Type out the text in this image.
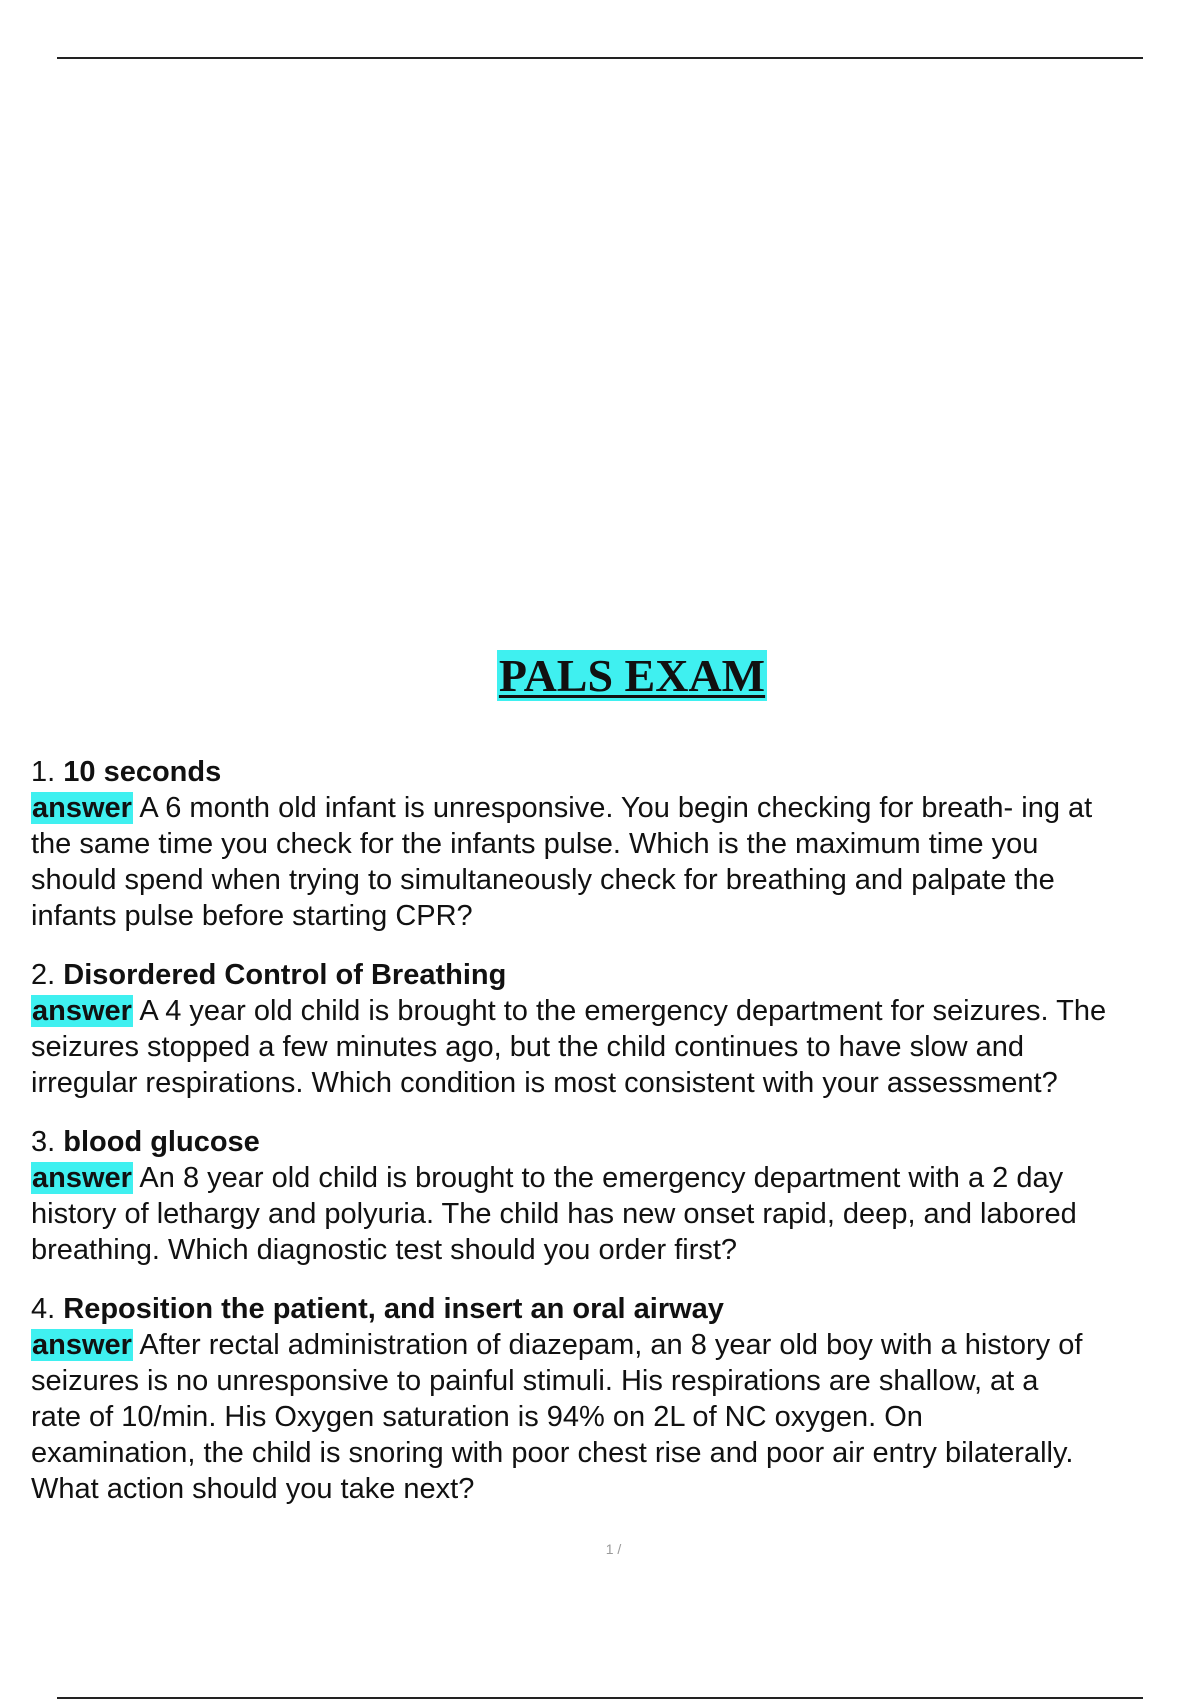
PALS EXAM
1. 10 seconds
answer A 6 month old infant is unresponsive. You begin checking for breath- ing at
the same time you check for the infants pulse. Which is the maximum time you
should spend when trying to simultaneously check for breathing and palpate the
infants pulse before starting CPR?
2. Disordered Control of Breathing
answer A 4 year old child is brought to the emergency department for seizures. The
seizures stopped a few minutes ago, but the child continues to have slow and
irregular respirations. Which condition is most consistent with your assessment?
3. blood glucose
answer An 8 year old child is brought to the emergency department with a 2 day
history of lethargy and polyuria. The child has new onset rapid, deep, and labored
breathing. Which diagnostic test should you order first?
4. Reposition the patient, and insert an oral airway
answer After rectal administration of diazepam, an 8 year old boy with a history of
seizures is no unresponsive to painful stimuli. His respirations are shallow, at a
rate of 10/min. His Oxygen saturation is 94% on 2L of NC oxygen. On
examination, the child is snoring with poor chest rise and poor air entry bilaterally.
What action should you take next?
1 /
